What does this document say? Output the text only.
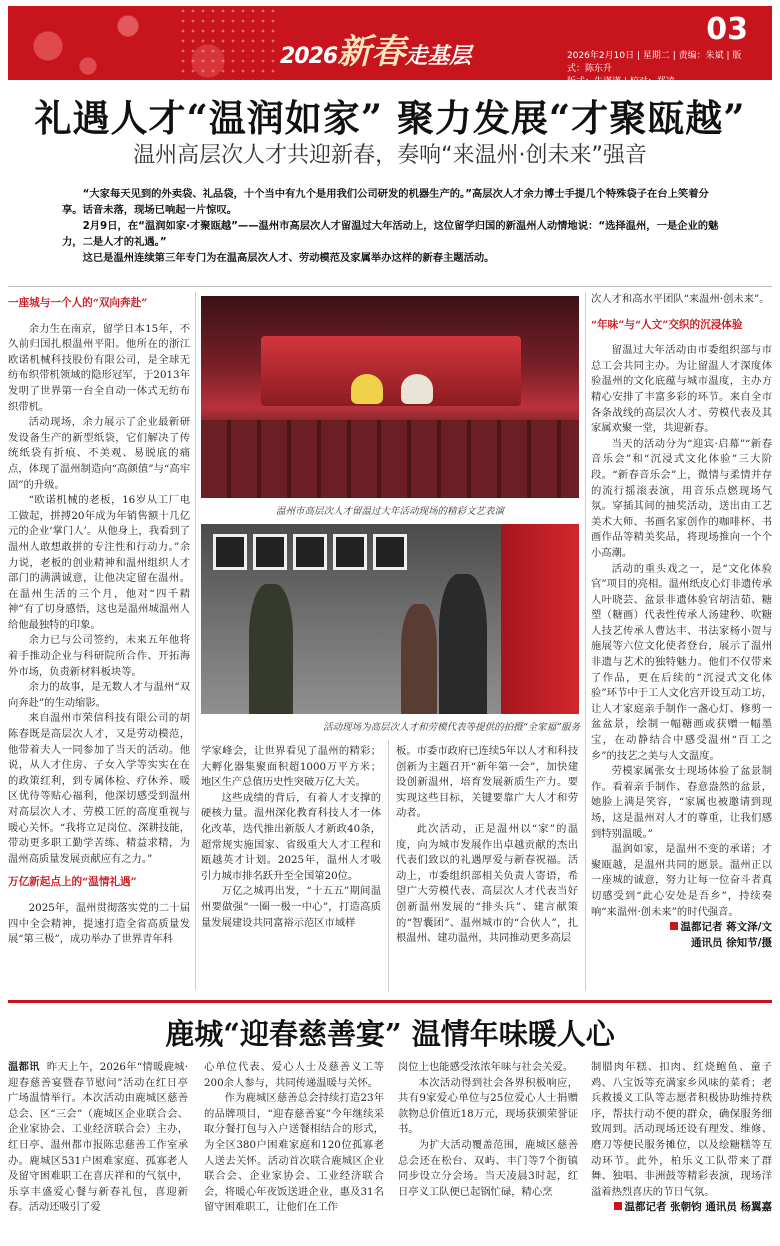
2026新春走基层
03
2026年2月10日 | 星期二 | 责编：朱斌 | 版式：陈东升
版式：朱谨谨 | 校对：郑凌
礼遇人才“温润如家” 聚力发展“才聚瓯越”
温州高层次人才共迎新春，奏响“来温州·创未来”强音

“大家每天见到的外卖袋、礼品袋，十个当中有九个是用我们公司研发的机器生产的。”高层次人才余力博士手提几个特殊袋子在台上笑着分享。话音未落，现场已响起一片惊叹。

2月9日，在“温润如家·才聚瓯越”——温州市高层次人才留温过大年活动上，这位留学归国的新温州人动情地说：“选择温州，一是企业的魅力，二是人才的礼遇。”

这已是温州连续第三年专门为在温高层次人才、劳动模范及家属举办这样的新春主题活动。

一座城与一个人的“双向奔赴”

余力生在南京，留学日本15年，不久前归国扎根温州平阳。他所在的浙江欧诺机械科技股份有限公司，是全球无纺布织带机领域的隐形冠军，于2013年发明了世界第一台全自动一体式无纺布织带机。

活动现场，余力展示了企业最新研发设备生产的新型纸袋，它们解决了传统纸袋有折痕、不美观、易脱底的痛点，体现了温州制造向“高颜值”与“高牢固”的升级。

“欧诺机械的老板，16岁从工厂电工做起，拼搏20年成为年销售额十几亿元的企业‘掌门人’。从他身上，我看到了温州人敢想敢拼的专注性和行动力。”余力说，老板的创业精神和温州组织人才部门的满满诚意，让他决定留在温州。在温州生活的三个月，他对“四千精神”有了切身感悟，这也是温州城温州人给他最独特的印象。

余力已与公司签约，未来五年他将着手推动企业与科研院所合作、开拓海外市场，负责新材料板块等。

余力的故事，是无数人才与温州“双向奔赴”的生动缩影。

来自温州市荣信科技有限公司的胡陈春既是高层次人才，又是劳动模范，他带着夫人一同参加了当天的活动。他说，从人才住房、子女入学等实实在在的政策红利，到专属体检、疗休养、暖区优待等贴心福利，他深切感受到温州对高层次人才、劳模工匠的高度重视与暖心关怀。“我将立足岗位、深耕技能，带动更多职工勤学苦练、精益求精，为温州高质量发展贡献应有之力。”

万亿新起点上的“温情礼遇”

2025年，温州贯彻落实党的二十届四中全会精神，提速打造全省高质量发展“第三极”，成功举办了世界青年科

温州市高层次人才留温过大年活动现场的精彩文艺表演
活动现场为高层次人才和劳模代表等提供的拍摄“全家福”服务

学家峰会，让世界看见了温州的精彩；大孵化器集聚面积超1000万平方米；地区生产总值历史性突破万亿大关。

这些成绩的背后，有着人才支撑的硬核力量。温州深化教育科技人才一体化改革，迭代推出新版人才新政40条，超常规实施国家、省级重大人才工程和瓯越英才计划。2025年，温州人才吸引力城市排名跃升至全国第20位。

万亿之城再出发，“十五五”期间温州要做强“一圈一极一中心”，打造高质量发展建设共同富裕示范区市域样

板。市委市政府已连续5年以人才和科技创新为主题召开“新年第一会”，加快建设创新温州，培育发展新质生产力。要实现这些目标，关键要靠广大人才和劳动者。

此次活动，正是温州以“家”的温度，向为城市发展作出卓越贡献的杰出代表们致以的礼遇厚爱与新春祝福。活动上，市委组织部相关负责人寄语，希望广大劳模代表、高层次人才代表当好创新温州发展的“排头兵”、建言献策的“智囊团”、温州城市的“合伙人”，扎根温州、建功温州，共同推动更多高层

次人才和高水平团队“来温州·创未来”。

“年味”与“人文”交织的沉浸体验

留温过大年活动由市委组织部与市总工会共同主办。为让留温人才深度体验温州的文化底蕴与城市温度，主办方精心安排了丰富多彩的环节。来自全市各条战线的高层次人才、劳模代表及其家属欢聚一堂，共迎新春。

当天的活动分为“迎宾·启幕”“新春音乐会”和“沉浸式文化体验”三大阶段。“新春音乐会”上，微情与柔情并存的流行摇滚表演，用音乐点燃现场气氛。穿插其间的抽奖活动，送出由工艺美术大师、书画名家创作的咖啡杯、书画作品等精美奖品，将现场推向一个个小高潮。

活动的重头戏之一，是“文化体验官”项目的亮相。温州纸皮心灯非遗传承人叶晓芸、盆景非遗体验官胡洁茹、糖塑（糖画）代表性传承人汤建秒、吹糖人技艺传承人曹达丰、书法家杨小贺与施展等六位文化使者登台，展示了温州非遗与艺术的独特魅力。他们不仅带来了作品，更在后续的“沉浸式文化体验”环节中于工人文化宫开设互动工坊，让人才家庭亲手制作一盏心灯、修剪一盆盆景，绘制一幅糖画或获赠一幅墨宝，在动静结合中感受温州“百工之乡”的技艺之美与人文温度。

劳模家属张女士现场体验了盆景制作。看着亲手制作、春意盎然的盆景，她脸上满是笑容，“家属也被邀请到现场，这是温州对人才的尊重，让我们感到特别温暖。”

温润如家，是温州不变的承诺；才聚瓯越，是温州共同的愿景。温州正以一座城的诚意，努力让每一位奋斗者真切感受到“此心安处是吾乡”，持续奏响“来温州·创未来”的时代强音。

温都记者 蒋文泽/文
通讯员 徐知节/摄
鹿城“迎春慈善宴” 温情年味暖人心

温都讯 昨天上午，2026年“情暖鹿城·迎春慈善宴暨春节慰问”活动在红日亭广场温情举行。本次活动由鹿城区慈善总会、区“三会”（鹿城区企业联合会、企业家协会、工业经济联合会）主办，红日亭、温州都市报陈忠慈善工作室承办。鹿城区531户困难家庭、孤寡老人及留守困难职工在喜庆祥和的气氛中，乐享丰盛爱心餐与新春礼包，喜迎新春。活动还吸引了爱

心单位代表、爱心人士及慈善义工等200余人参与，共同传递温暖与关怀。

作为鹿城区慈善总会持续打造23年的品牌项目，“迎春慈善宴”今年继续采取分餐打包与入户送餐相结合的形式，为全区380户困难家庭和120位孤寡老人送去关怀。活动首次联合鹿城区企业联合会、企业家协会、工业经济联合会，将暖心年夜饭送进企业，惠及31名留守困难职工，让他们在工作

岗位上也能感受浓浓年味与社会关爱。

本次活动得到社会各界积极响应，共有9家爱心单位与25位爱心人士捐赠款物总价值近18万元，现场获颁荣誉证书。

为扩大活动覆盖范围，鹿城区慈善总会还在松台、双屿、丰门等7个街镇同步设立分会场。当天凌晨3时起，红日亭义工队便已起锅忙碌，精心烹

制腊肉年糕、扣肉、红烧鲍鱼、童子鸡、八宝饭等充满家乡风味的菜肴；老兵救援义工队等志愿者积极协助维持秩序，帮扶行动不便的群众，确保服务细致周到。活动现场还设有理发、维修、磨刀等便民服务摊位，以及绘糖糕等互动环节。此外，柏乐义工队带来了群舞、独唱、非洲鼓等精彩表演，现场洋溢着热烈喜庆的节日气氛。

温都记者 张朝钧 通讯员 杨翼嘉
